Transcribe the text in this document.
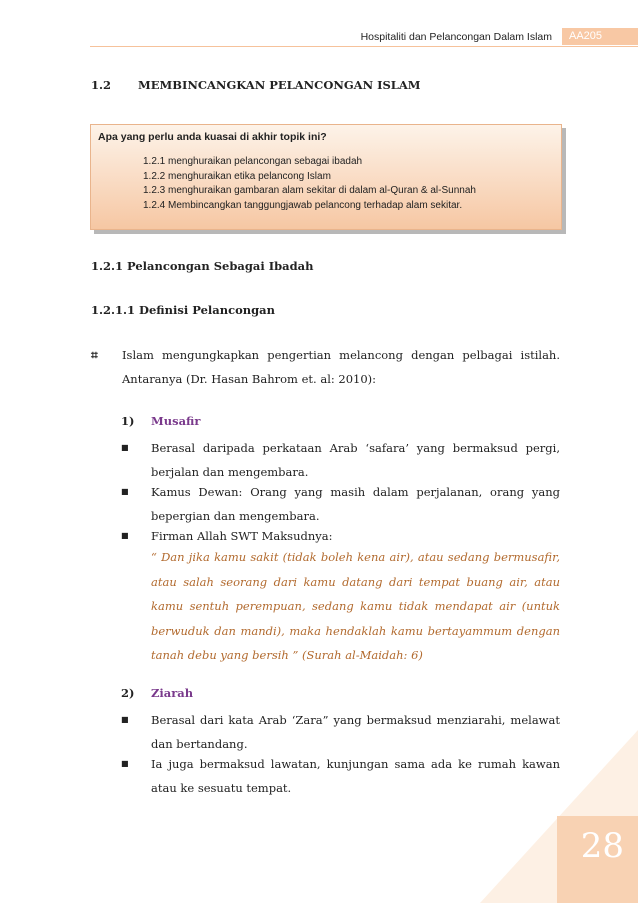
Hospitaliti dan Pelancongan Dalam Islam	AA205
1.2 MEMBINCANGKAN PELANCONGAN ISLAM
Apa yang perlu anda kuasai di akhir topik ini?
1.2.1 menghuraikan pelancongan sebagai ibadah
1.2.2 menghuraikan etika pelancong Islam
1.2.3 menghuraikan gambaran alam sekitar di dalam al-Quran & al-Sunnah
1.2.4 Membincangkan tanggungjawab pelancong terhadap alam sekitar.
1.2.1 Pelancongan Sebagai Ibadah
1.2.1.1 Definisi Pelancongan
⌗ Islam mengungkapkan pengertian melancong dengan pelbagai istilah.
Antaranya (Dr. Hasan Bahrom et. al: 2010):
1) Musafir
■ Berasal daripada perkataan Arab ‘safara’ yang bermaksud pergi,
berjalan dan mengembara.
■ Kamus Dewan: Orang yang masih dalam perjalanan, orang yang
bepergian dan mengembara.
■ Firman Allah SWT Maksudnya:
“ Dan jika kamu sakit (tidak boleh kena air), atau sedang bermusafir,
atau salah seorang dari kamu datang dari tempat buang air, atau
kamu sentuh perempuan, sedang kamu tidak mendapat air (untuk
berwuduk dan mandi), maka hendaklah kamu bertayammum dengan
tanah debu yang bersih ” (Surah al-Maidah: 6)
2) Ziarah
■ Berasal dari kata Arab ‘Zara” yang bermaksud menziarahi, melawat
dan bertandang.
■ Ia juga bermaksud lawatan, kunjungan sama ada ke rumah kawan
atau ke sesuatu tempat.
28
